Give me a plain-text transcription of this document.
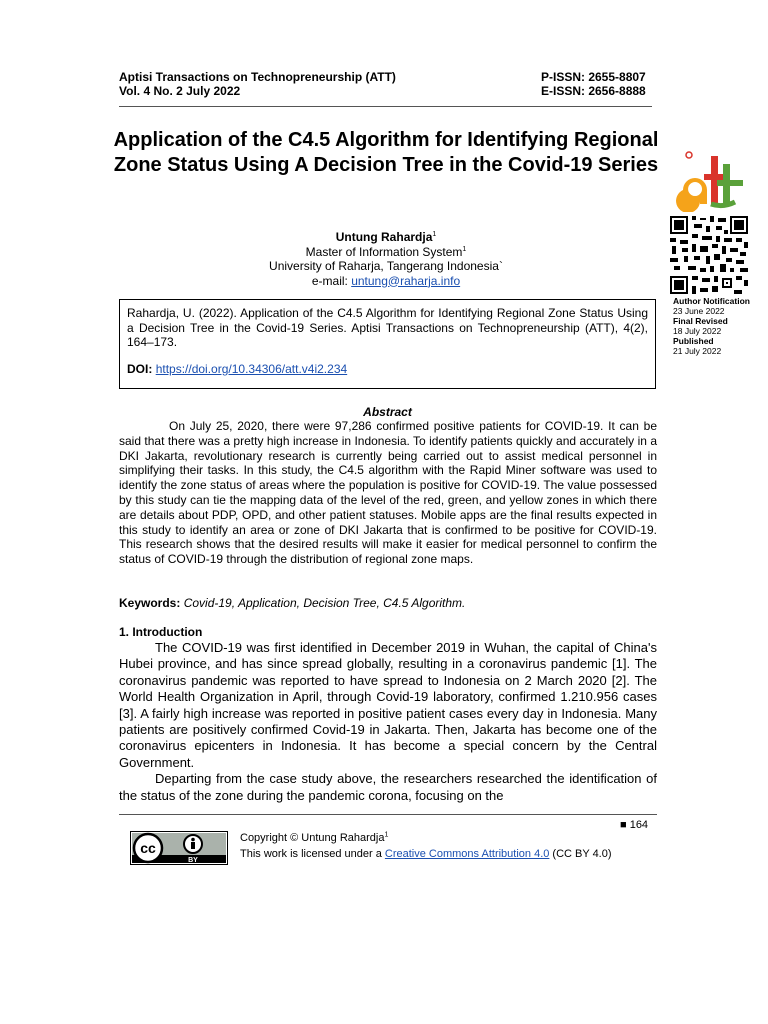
Aptisi Transactions on Technopreneurship (ATT)
Vol. 4 No. 2 July 2022
P-ISSN: 2655-8807
E-ISSN: 2656-8888
Application of the C4.5 Algorithm for Identifying Regional Zone Status Using A Decision Tree in the Covid-19 Series
Untung Rahardja$^1$
Master of Information System$^1$
University of Raharja, Tangerang Indonesia`
e-mail: untung@raharja.info
Author Notification
23 June 2022
Final Revised
18 July 2022
Published
21 July 2022
Rahardja, U. (2022). Application of the C4.5 Algorithm for Identifying Regional Zone Status Using a Decision Tree in the Covid-19 Series. Aptisi Transactions on Technopreneurship (ATT), 4(2), 164–173.
DOI: https://doi.org/10.34306/att.v4i2.234
Abstract
On July 25, 2020, there were 97,286 confirmed positive patients for COVID-19. It can be said that there was a pretty high increase in Indonesia. To identify patients quickly and accurately in a DKI Jakarta, revolutionary research is currently being carried out to assist medical personnel in simplifying their tasks. In this study, the C4.5 algorithm with the Rapid Miner software was used to identify the zone status of areas where the population is positive for COVID-19. The value possessed by this study can tie the mapping data of the level of the red, green, and yellow zones in which there are details about PDP, OPD, and other patient statuses. Mobile apps are the final results expected in this study to identify an area or zone of DKI Jakarta that is confirmed to be positive for COVID-19. This research shows that the desired results will make it easier for medical personnel to confirm the status of COVID-19 through the distribution of regional zone maps.
Keywords: Covid-19, Application, Decision Tree, C4.5 Algorithm.
1. Introduction

The COVID-19 was first identified in December 2019 in Wuhan, the capital of China's Hubei province, and has since spread globally, resulting in a coronavirus pandemic [1]. The coronavirus pandemic was reported to have spread to Indonesia on 2 March 2020 [2]. The World Health Organization in April, through Covid-19 laboratory, confirmed 1.210.956 cases [3]. A fairly high increase was reported in positive patient cases every day in Indonesia. Many patients are positively confirmed Covid-19 in Jakarta. Then, Jakarta has become one of the coronavirus epicenters in Indonesia. It has become a special concern by the Central Government.

Departing from the case study above, the researchers researched the identification of the status of the zone during the pandemic corona, focusing on the

■ 164
cc
BY
Copyright © Untung Rahardja$^1$
This work is licensed under a Creative Commons Attribution 4.0 (CC BY 4.0)
